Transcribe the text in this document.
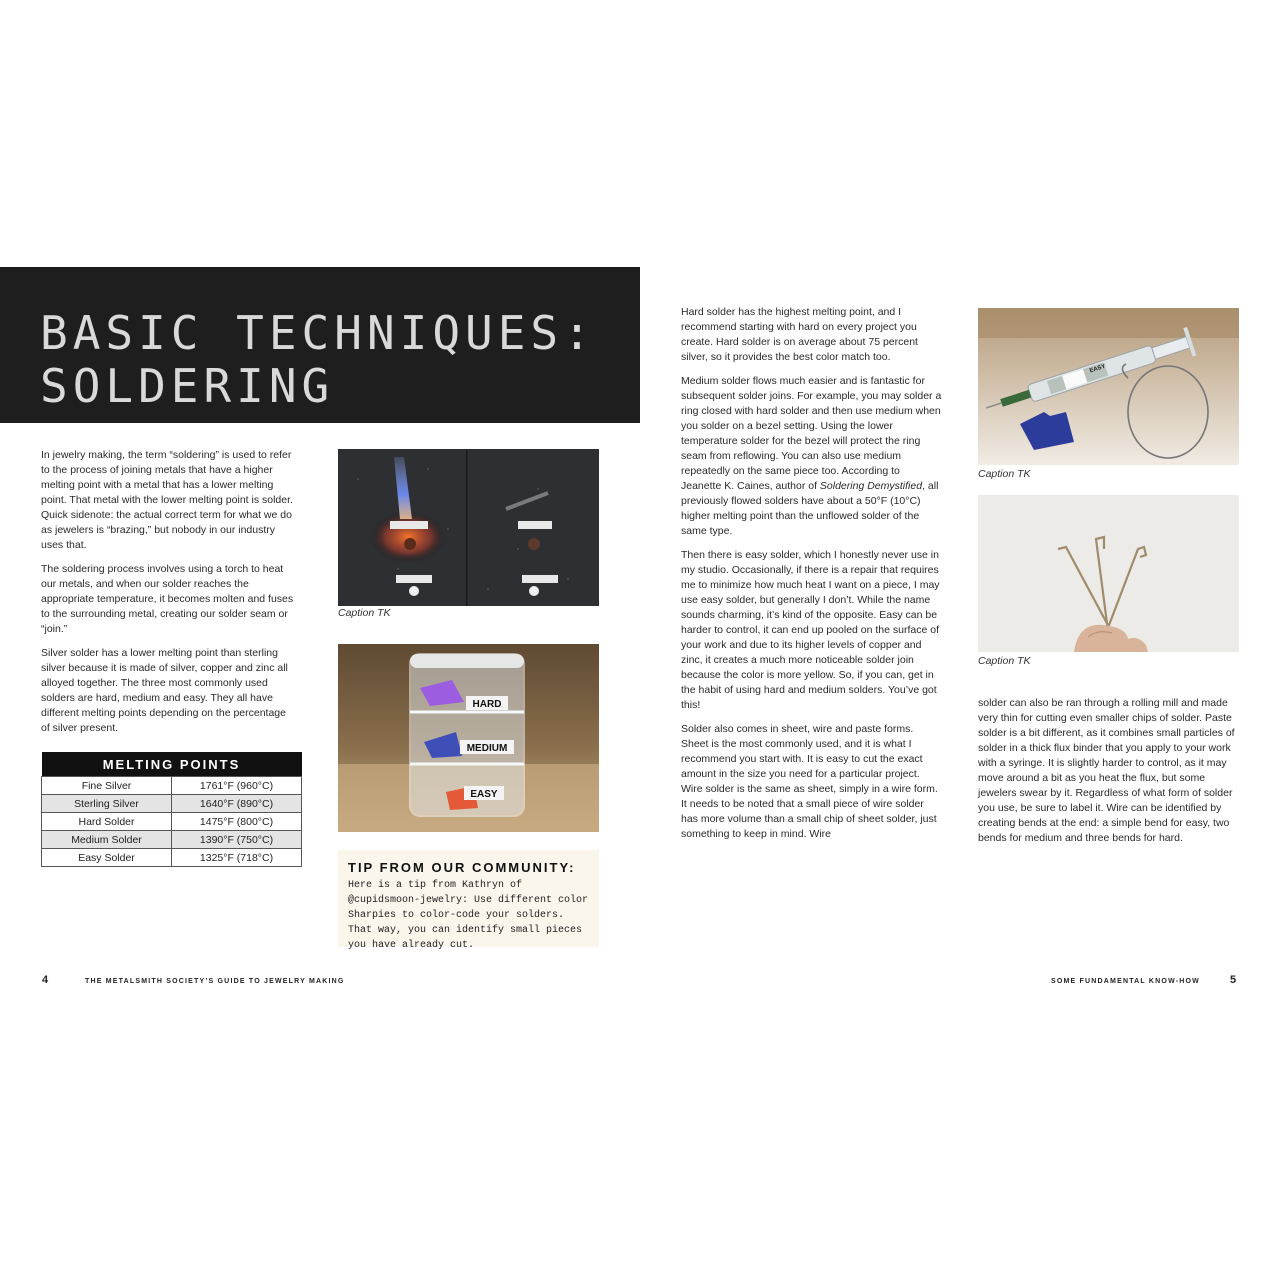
BASIC TECHNIQUES:
SOLDERING

In jewelry making, the term “soldering” is used to refer to the process of joining metals that have a higher melting point with a metal that has a lower melting point. That metal with the lower melting point is solder. Quick sidenote: the actual correct term for what we do as jewelers is “brazing,” but nobody in our industry uses that.

The soldering process involves using a torch to heat our metals, and when our solder reaches the appropriate temperature, it becomes molten and fuses to the surrounding metal, creating our solder seam or “join.”

Silver solder has a lower melting point than sterling silver because it is made of silver, copper and zinc all alloyed together. The three most commonly used solders are hard, medium and easy. They all have different melting points depending on the percentage of silver present.

MELTING POINTS	
Fine Silver	1761°F (960°C)
Sterling Silver	1640°F (890°C)
Hard Solder	1475°F (800°C)
Medium Solder	1390°F (750°C)
Easy Solder	1325°F (718°C)
Caption TK
HARD
MEDIUM
EASY
TIP FROM OUR COMMUNITY:
Here is a tip from Kathryn of @cupidsmoon-jewelry: Use different color Sharpies to color-code your solders. That way, you can identify small pieces you have already cut.

Hard solder has the highest melting point, and I recommend starting with hard on every project you create. Hard solder is on average about 75 percent silver, so it provides the best color match too.

Medium solder flows much easier and is fantastic for subsequent solder joins. For example, you may solder a ring closed with hard solder and then use medium when you solder on a bezel setting. Using the lower temperature solder for the bezel will protect the ring seam from reflowing. You can also use medium repeatedly on the same piece too. According to Jeanette K. Caines, author of Soldering Demystified, all previously flowed solders have about a 50°F (10°C) higher melting point than the unflowed solder of the same type.

Then there is easy solder, which I honestly never use in my studio. Occasionally, if there is a repair that requires me to minimize how much heat I want on a piece, I may use easy solder, but generally I don’t. While the name sounds charming, it’s kind of the opposite. Easy can be harder to control, it can end up pooled on the surface of your work and due to its higher levels of copper and zinc, it creates a much more noticeable solder join because the color is more yellow. So, if you can, get in the habit of using hard and medium solders. You’ve got this!

Solder also comes in sheet, wire and paste forms. Sheet is the most commonly used, and it is what I recommend you start with. It is easy to cut the exact amount in the size you need for a particular project. Wire solder is the same as sheet, simply in a wire form. It needs to be noted that a small piece of wire solder has more volume than a small chip of sheet solder, just something to keep in mind. Wire

EASY
Caption TK
Caption TK

solder can also be ran through a rolling mill and made very thin for cutting even smaller chips of solder. Paste solder is a bit different, as it combines small particles of solder in a thick flux binder that you apply to your work with a syringe. It is slightly harder to control, as it may move around a bit as you heat the flux, but some jewelers swear by it. Regardless of what form of solder you use, be sure to label it. Wire can be identified by creating bends at the end: a simple bend for easy, two bends for medium and three bends for hard.

4	THE METALSMITH SOCIETY’S GUIDE TO JEWELRY MAKING	SOME FUNDAMENTAL KNOW-HOW	5
